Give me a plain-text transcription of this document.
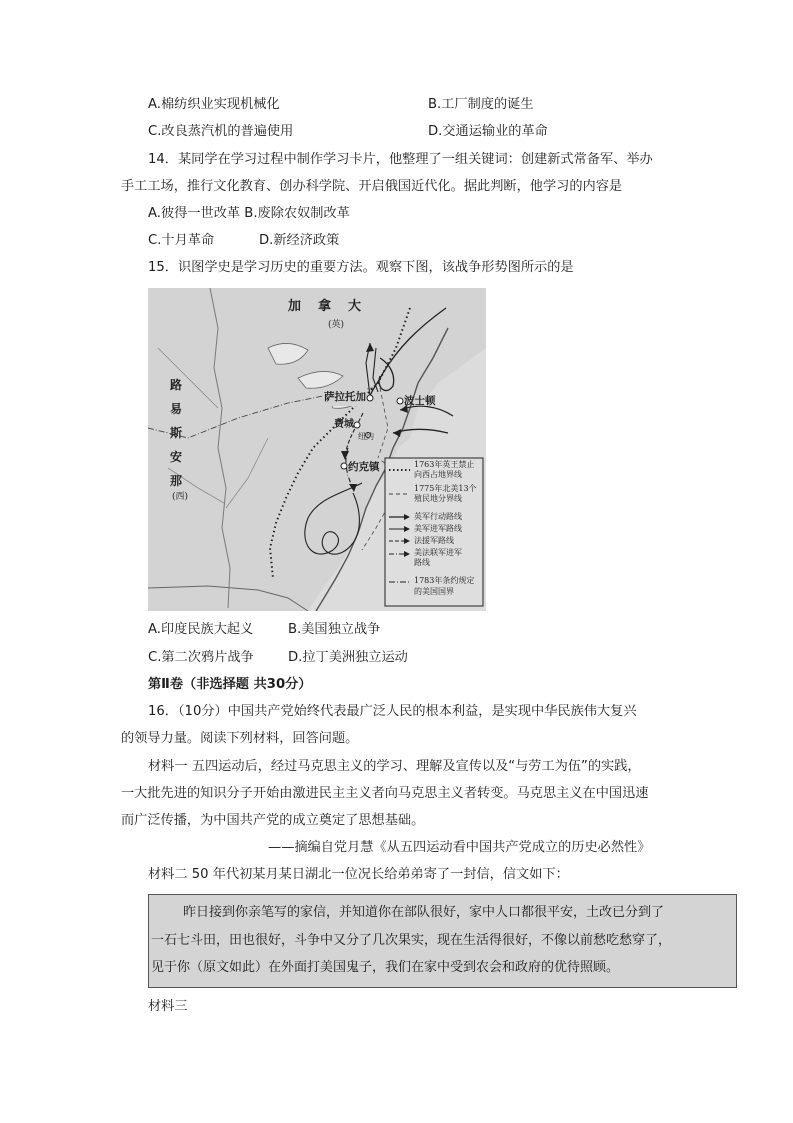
A.棉纺织业实现机械化	B.工厂制度的诞生
C.改良蒸汽机的普遍使用	D.交通运输业的革命
14．某同学在学习过程中制作学习卡片，他整理了一组关键词：创建新式常备军、举办
手工工场，推行文化教育、创办科学院、开启俄国近代化。据此判断，他学习的内容是
A.彼得一世改革 B.废除农奴制改革
C.十月革命	D.新经济政策
15．识图学史是学习历史的重要方法。观察下图，该战争形势图所示的是
加　拿　大
(英)
路
易
斯
安
那
(西)
萨拉托加	波士顿
费城
纽约
约克镇	1763年英王禁止
向西占地界线
1775年北美13个
殖民地分界线
英军行动路线
美军进军路线
法援军路线
美法联军进军
路线
1783年条约规定
的美国国界
A.印度民族大起义	B.美国独立战争
C.第二次鸦片战争	D.拉丁美洲独立运动
第Ⅱ卷（非选择题 共30分）
16．（10分）中国共产党始终代表最广泛人民的根本利益，是实现中华民族伟大复兴
的领导力量。阅读下列材料，回答问题。
材料一 五四运动后，经过马克思主义的学习、理解及宣传以及“与劳工为伍”的实践，
一大批先进的知识分子开始由激进民主主义者向马克思主义者转变。马克思主义在中国迅速
而广泛传播，为中国共产党的成立奠定了思想基础。
——摘编自党月慧《从五四运动看中国共产党成立的历史必然性》
材料二 50 年代初某月某日湖北一位况长给弟弟寄了一封信，信文如下：
昨日接到你亲笔写的家信，并知道你在部队很好，家中人口都很平安，土改已分到了
一石七斗田，田也很好，斗争中又分了几次果实，现在生活得很好，不像以前愁吃愁穿了，
见于你（原文如此）在外面打美国鬼子，我们在家中受到农会和政府的优待照顾。
材料三
